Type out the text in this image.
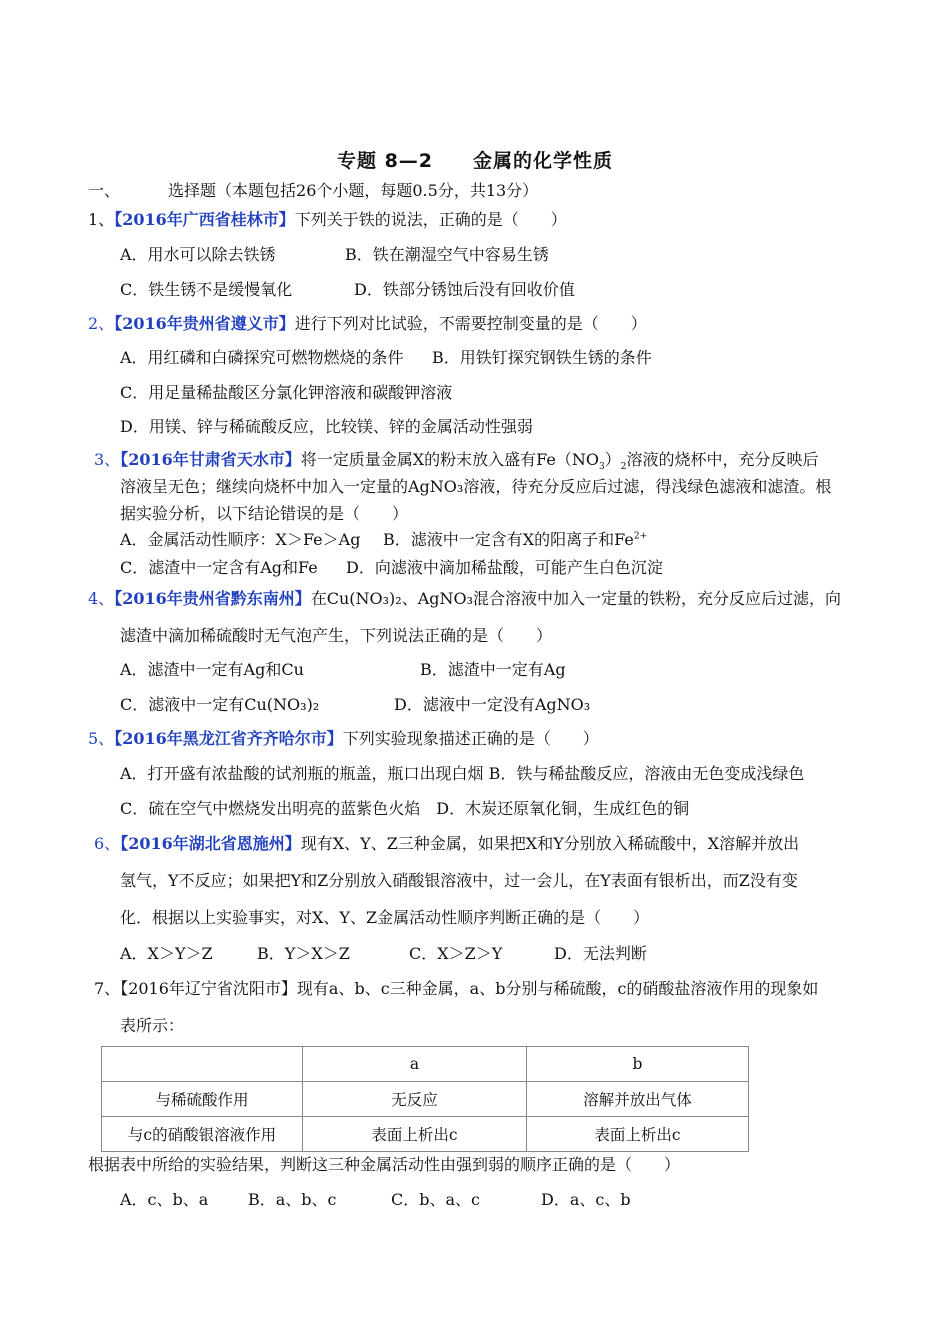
专题 8—2　　金属的化学性质
一、	选择题（本题包括26个小题，每题0.5分，共13分）
1、【2016年广西省桂林市】下列关于铁的说法，正确的是（　　）
A．用水可以除去铁锈	B．铁在潮湿空气中容易生锈
C．铁生锈不是缓慢氧化	D．铁部分锈蚀后没有回收价值
2、【2016年贵州省遵义市】进行下列对比试验，不需要控制变量的是（　　）
A．用红磷和白磷探究可燃物燃烧的条件 B．用铁钉探究钢铁生锈的条件
C．用足量稀盐酸区分氯化钾溶液和碳酸钾溶液
D．用镁、锌与稀硫酸反应，比较镁、锌的金属活动性强弱
3、【2016年甘肃省天水市】将一定质量金属X的粉末放入盛有$Fe(NO_3)_2$溶液的烧杯中，充分反映后
溶液呈无色；继续向烧杯中加入一定量的AgNO₃溶液，待充分反应后过滤，得浅绿色滤液和滤渣。根
据实验分析，以下结论错误的是（　　）
A．金属活动性顺序：X＞Fe＞Ag B．滤液中一定含有X的阳离子和$Fe^{2+}$
C．滤渣中一定含有Ag和Fe D．向滤液中滴加稀盐酸，可能产生白色沉淀
4、【2016年贵州省黔东南州】在Cu(NO₃)₂、AgNO₃混合溶液中加入一定量的铁粉，充分反应后过滤，向
滤渣中滴加稀硫酸时无气泡产生，下列说法正确的是（　　）
A．滤渣中一定有Ag和Cu	B．滤渣中一定有Ag
C．滤液中一定有Cu(NO₃)₂	D．滤液中一定没有AgNO₃
5、【2016年黑龙江省齐齐哈尔市】下列实验现象描述正确的是（　　）
A．打开盛有浓盐酸的试剂瓶的瓶盖，瓶口出现白烟 B．铁与稀盐酸反应，溶液由无色变成浅绿色
C．硫在空气中燃烧发出明亮的蓝紫色火焰　D．木炭还原氧化铜，生成红色的铜
6、【2016年湖北省恩施州】现有X、Y、Z三种金属，如果把X和Y分别放入稀硫酸中，X溶解并放出
氢气，Y不反应；如果把Y和Z分别放入硝酸银溶液中，过一会儿，在Y表面有银析出，而Z没有变
化．根据以上实验事实，对X、Y、Z金属活动性顺序判断正确的是（　　）
A．X＞Y＞Z	B．Y＞X＞Z	C．X＞Z＞Y	D．无法判断
7、【2016年辽宁省沈阳市】现有a、b、c三种金属，a、b分别与稀硫酸，c的硝酸盐溶液作用的现象如
表所示：
	a	b
与稀硫酸作用	无反应	溶解并放出气体
与c的硝酸银溶液作用	表面上析出c	表面上析出c
根据表中所给的实验结果，判断这三种金属活动性由强到弱的顺序正确的是（　　）
A．c、b、a B．a、b、c	C．b、a、c	D．a、c、b
